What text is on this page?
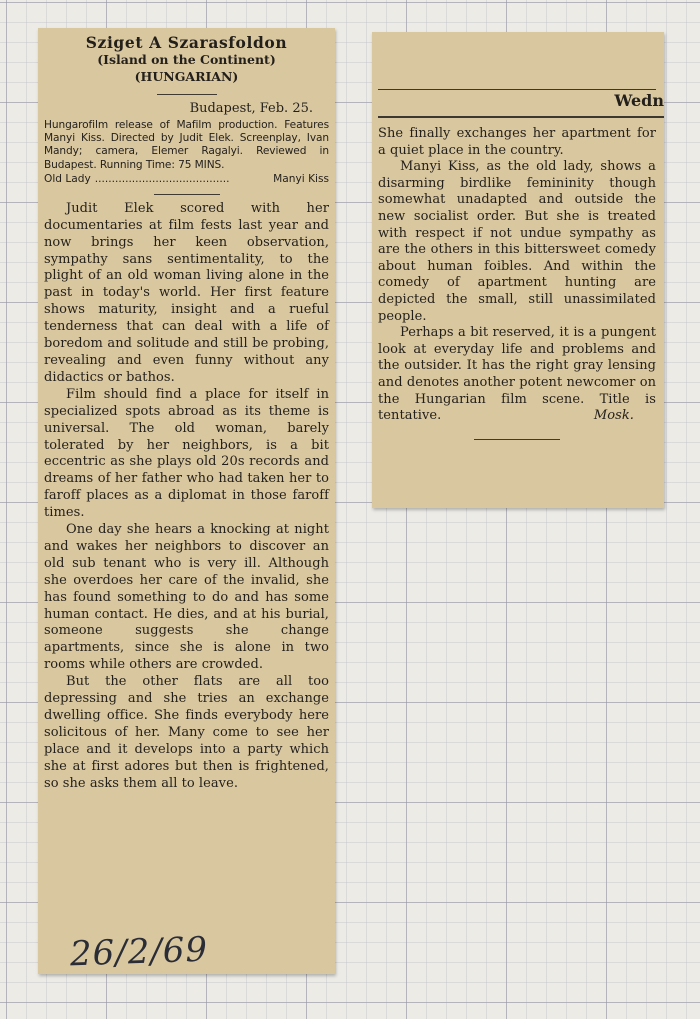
Sziget A Szarasfoldon
(Island on the Continent)
(HUNGARIAN)
Budapest, Feb. 25.
Hungarofilm release of Mafilm production. Features Manyi Kiss. Directed by Judit Elek. Screenplay, Ivan Mandy; camera, Elemer Ragalyi. Reviewed in Budapest. Running Time: 75 MINS.
Old Lady ........................................	Manyi Kiss

Judit Elek scored with her documentaries at film fests last year and now brings her keen observation, sympathy sans sentimentality, to the plight of an old woman living alone in the past in today's world. Her first feature shows maturity, insight and a rueful tenderness that can deal with a life of boredom and solitude and still be probing, revealing and even funny without any didactics or bathos.

Film should find a place for itself in specialized spots abroad as its theme is universal. The old woman, barely tolerated by her neighbors, is a bit eccentric as she plays old 20s records and dreams of her father who had taken her to faroff places as a diplomat in those faroff times.

One day she hears a knocking at night and wakes her neighbors to discover an old sub tenant who is very ill. Although she overdoes her care of the invalid, she has found something to do and has some human contact. He dies, and at his burial, someone suggests she change apartments, since she is alone in two rooms while others are crowded.

But the other flats are all too depressing and she tries an exchange dwelling office. She finds everybody here solicitous of her. Many come to see her place and it develops into a party which she at first adores but then is frightened, so she asks them all to leave.

26/2/69
Wedn

She finally exchanges her apartment for a quiet place in the country.

Manyi Kiss, as the old lady, shows a disarming birdlike femininity though somewhat unadapted and outside the new socialist order. But she is treated with respect if not undue sympathy as are the others in this bittersweet comedy about human foibles. And within the comedy of apartment hunting are depicted the small, still unassimilated people.

Perhaps a bit reserved, it is a pungent look at everyday life and problems and the outsider. It has the right gray lensing and denotes another potent newcomer on the Hungarian film scene. Title is tentative.	Mosk.
